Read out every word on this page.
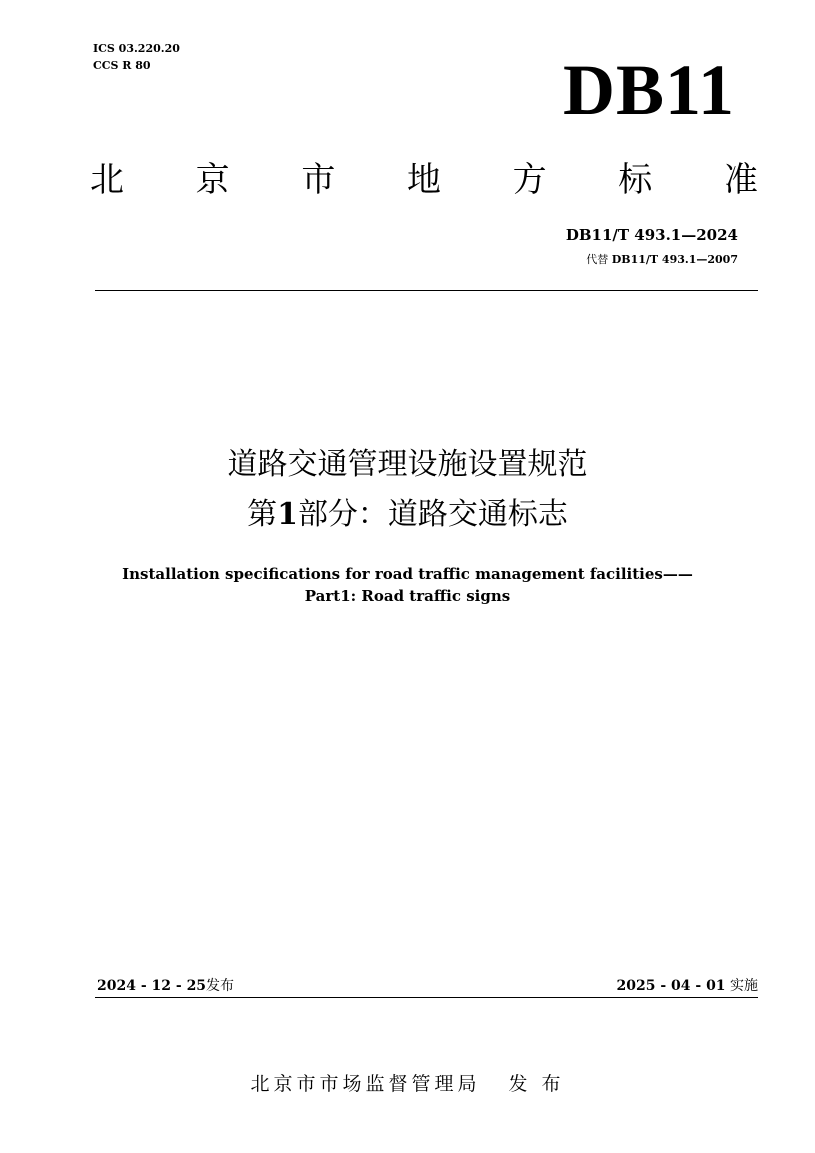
ICS 03.220.20
CCS R 80	DB11
北 京 市 地 方 标 准
DB11/T 493.1—2024
代替 DB11/T 493.1—2007
道路交通管理设施设置规范
第1部分：道路交通标志
Installation specifications for road traffic management facilities——
Part1: Road traffic signs
2024 - 12 - 25发布	2025 - 04 - 01 实施
北京市市场监督管理局 发 布
